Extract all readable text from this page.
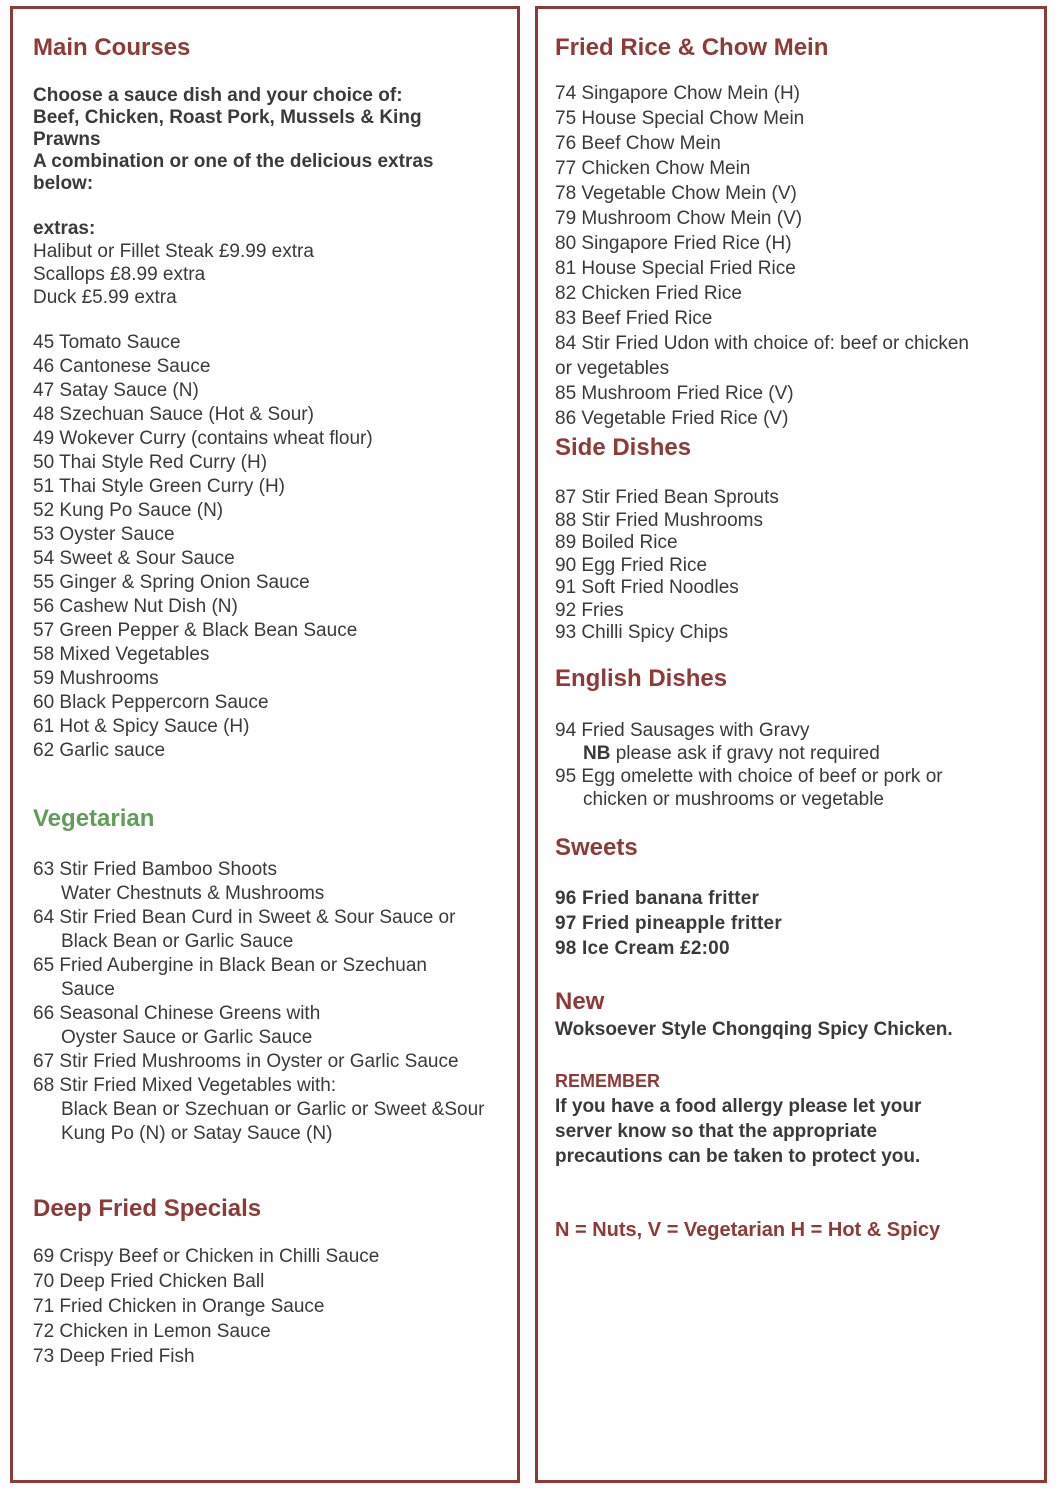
Main Courses
Choose a sauce dish and your choice of:
Beef, Chicken, Roast Pork, Mussels & King
Prawns
A combination or one of the delicious extras
below:
extras:
Halibut or Fillet Steak £9.99 extra
Scallops £8.99 extra
Duck £5.99 extra
45 Tomato Sauce
46 Cantonese Sauce
47 Satay Sauce (N)
48 Szechuan Sauce (Hot & Sour)
49 Wokever Curry (contains wheat flour)
50 Thai Style Red Curry (H)
51 Thai Style Green Curry (H)
52 Kung Po Sauce (N)
53 Oyster Sauce
54 Sweet & Sour Sauce
55 Ginger & Spring Onion Sauce
56 Cashew Nut Dish (N)
57 Green Pepper & Black Bean Sauce
58 Mixed Vegetables
59 Mushrooms
60 Black Peppercorn Sauce
61 Hot & Spicy Sauce (H)
62 Garlic sauce
Vegetarian
63 Stir Fried Bamboo Shoots
Water Chestnuts & Mushrooms
64 Stir Fried Bean Curd in Sweet & Sour Sauce or
Black Bean or Garlic Sauce
65 Fried Aubergine in Black Bean or Szechuan
Sauce
66 Seasonal Chinese Greens with
Oyster Sauce or Garlic Sauce
67 Stir Fried Mushrooms in Oyster or Garlic Sauce
68 Stir Fried Mixed Vegetables with:
Black Bean or Szechuan or Garlic or Sweet &Sour
Kung Po (N) or Satay Sauce (N)
Deep Fried Specials
69 Crispy Beef or Chicken in Chilli Sauce
70 Deep Fried Chicken Ball
71 Fried Chicken in Orange Sauce
72 Chicken in Lemon Sauce
73 Deep Fried Fish
Fried Rice & Chow Mein
74 Singapore Chow Mein (H)
75 House Special Chow Mein
76 Beef Chow Mein
77 Chicken Chow Mein
78 Vegetable Chow Mein (V)
79 Mushroom Chow Mein (V)
80 Singapore Fried Rice (H)
81 House Special Fried Rice
82 Chicken Fried Rice
83 Beef Fried Rice
84 Stir Fried Udon with choice of: beef or chicken
or vegetables
85 Mushroom Fried Rice (V)
86 Vegetable Fried Rice (V)
Side Dishes
87 Stir Fried Bean Sprouts
88 Stir Fried Mushrooms
89 Boiled Rice
90 Egg Fried Rice
91 Soft Fried Noodles
92 Fries
93 Chilli Spicy Chips
English Dishes
94 Fried Sausages with Gravy
NB please ask if gravy not required
95 Egg omelette with choice of beef or pork or
chicken or mushrooms or vegetable
Sweets
96 Fried banana fritter
97 Fried pineapple fritter
98 Ice Cream £2:00
New
Woksoever Style Chongqing Spicy Chicken.
REMEMBER
If you have a food allergy please let your
server know so that the appropriate
precautions can be taken to protect you.
N = Nuts, V = Vegetarian H = Hot & Spicy
